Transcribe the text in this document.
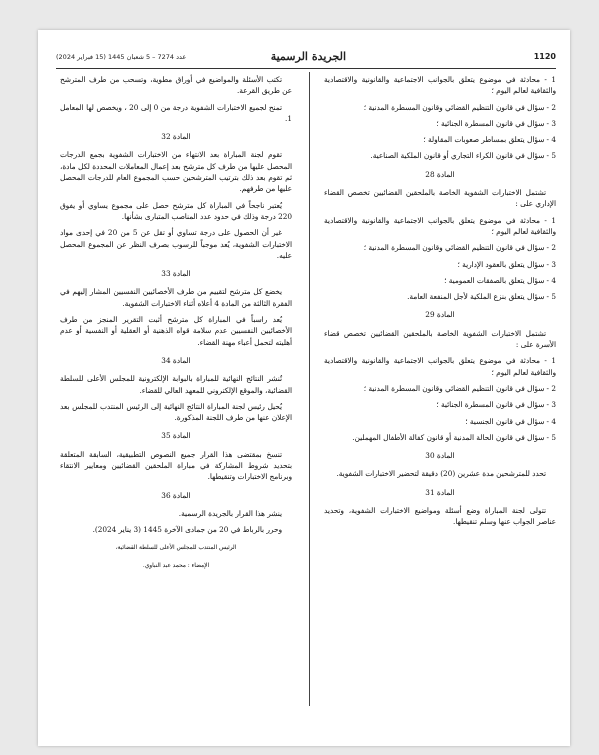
1120
الجريدة الرسمية
عدد 7274 – 5 شعبان 1445 (15 فبراير 2024)

1 - محادثة في موضوع يتعلق بالجوانب الاجتماعية والقانونية والاقتصادية والثقافية لعالم اليوم ؛

2 - سؤال في قانون التنظيم القضائي وقانون المسطرة المدنية ؛

3 - سؤال في قانون المسطرة الجنائية ؛

4 - سؤال يتعلق بمساطر صعوبات المقاولة ؛

5 - سؤال في قانون الكراء التجاري أو قانون الملكية الصناعية.

المادة 28

تشتمل الاختبارات الشفوية الخاصة بالملحقين القضائيين تخصص القضاء الإداري على :

1 - محادثة في موضوع يتعلق بالجوانب الاجتماعية والقانونية والاقتصادية والثقافية لعالم اليوم ؛

2 - سؤال في قانون التنظيم القضائي وقانون المسطرة المدنية ؛

3 - سؤال يتعلق بالعقود الإدارية ؛

4 - سؤال يتعلق بالصفقات العمومية ؛

5 - سؤال يتعلق بنزع الملكية لأجل المنفعة العامة.

المادة 29

تشتمل الاختبارات الشفوية الخاصة بالملحقين القضائيين تخصص قضاء الأسرة على :

1 - محادثة في موضوع يتعلق بالجوانب الاجتماعية والقانونية والاقتصادية والثقافية لعالم اليوم ؛

2 - سؤال في قانون التنظيم القضائي وقانون المسطرة المدنية ؛

3 - سؤال في قانون المسطرة الجنائية ؛

4 - سؤال في قانون الجنسية ؛

5 - سؤال في قانون الحالة المدنية أو قانون كفالة الأطفال المهملين.

المادة 30

تحدد للمترشحين مدة عشرين (20) دقيقة لتحضير الاختبارات الشفوية.

المادة 31

تتولى لجنة المباراة وضع أسئلة ومواضيع الاختبارات الشفوية، وتحديد عناصر الجواب عنها وسلم تنقيطها.

تكتب الأسئلة والمواضيع في أوراق مطوية، وتسحب من طرف المترشح عن طريق القرعة.

تمنح لجميع الاختبارات الشفوية درجة من 0 إلى 20 ، ويخصص لها المعامل 1.

المادة 32

تقوم لجنة المباراة بعد الانتهاء من الاختبارات الشفوية بجمع الدرجات المحصل عليها من طرف كل مترشح بعد إعمال المعاملات المحددة لكل مادة، ثم تقوم بعد ذلك بترتيب المترشحين حسب المجموع العام للدرجات المحصل عليها من طرفهم.

يُعتبر ناجحاً في المباراة كل مترشح حصل على مجموع يساوي أو يفوق 220 درجة وذلك في حدود عدد المناصب المتبارى بشأنها.

غير أن الحصول على درجة تساوي أو تقل عن 5 من 20 في إحدى مواد الاختبارات الشفوية، يُعد موجباً للرسوب بصرف النظر عن المجموع المحصل عليه.

المادة 33

يخضع كل مترشح لتقييم من طرف الأخصائيين النفسيين المشار إليهم في الفقرة الثالثة من المادة 4 أعلاه أثناء الاختبارات الشفوية.

يُعد راسباً في المباراة كل مترشح أثبت التقرير المنجز من طرف الأخصائيين النفسيين عدم سلامة قواه الذهنية أو العقلية أو النفسية أو عدم أهليته لتحمل أعباء مهنة القضاء.

المادة 34

تُنشر النتائج النهائية للمباراة بالبوابة الإلكترونية للمجلس الأعلى للسلطة القضائية، والموقع الإلكتروني للمعهد العالي للقضاء.

يُحيل رئيس لجنة المباراة النتائج النهائية إلى الرئيس المنتدب للمجلس بعد الإعلان عنها من طرف اللجنة المذكورة.

المادة 35

تنسخ بمقتضى هذا القرار جميع النصوص التطبيقية، السابقة المتعلقة بتحديد شروط المشاركة في مباراة الملحقين القضائيين ومعايير الانتقاء وبرنامج الاختبارات وتنقيطها.

المادة 36

ينشر هذا القرار بالجريدة الرسمية.

وحرر بالرباط في 20 من جمادى الآخرة 1445 (3 يناير 2024).

الرئيس المنتدب للمجلس الأعلى للسلطة القضائية،
الإمضاء : محمد عبد النباوي.
